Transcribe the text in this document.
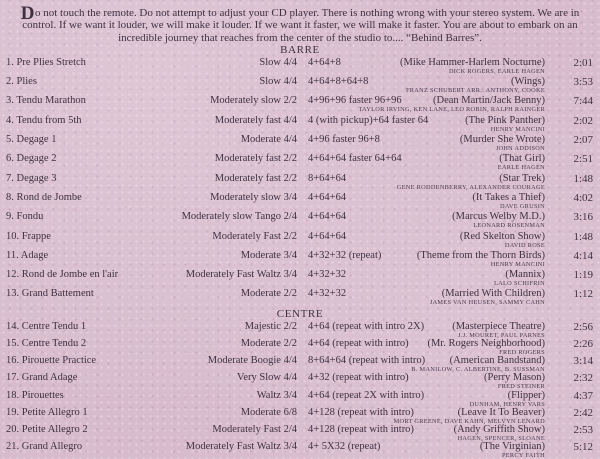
Do not touch the remote. Do not attempt to adjust your CD player. There is nothing wrong with your stereo system. We are in control. If we want it louder, we will make it louder. If we want it faster, we will make it faster. You are about to embark on an incredible journey that reaches from the center of the studio to.... “Behind Barres”.

BARRE
1. Pre Plies Stretch	Slow 4/4 4+64+8	(Mike Hammer-Harlem Nocturne)
DICK ROGERS, EARLE HAGEN
2:01
2. Plies	Slow 4/4 4+64+8+64+8	(Wings)
FRANZ SCHUBERT ARR.: ANTHONY, COOKE
3:53
3. Tendu Marathon	Moderately slow 2/2 4+96+96 faster 96+96	(Dean Martin/Jack Benny)
TAYLOR IRVING, KEN LANE, LEO ROBIN, RALPH RAINGER
7:44
4. Tendu from 5th	Moderately fast 4/4 4 (with pickup)+64 faster 64	(The Pink Panther)
HENRY MANCINI
2:02
5. Degage 1	Moderate 4/4 4+96 faster 96+8	(Murder She Wrote)
JOHN ADDISON
2:07
6. Degage 2	Moderately fast 2/2 4+64+64 faster 64+64	(That Girl)
EARLE HAGEN
2:51
7. Degage 3	Moderately fast 2/2 8+64+64	(Star Trek)
GENE RODDENBERRY, ALEXANDER COURAGE
1:48
8. Rond de Jombe	Moderately slow 3/4 4+64+64	(It Takes a Thief)
DAVE GRUSIN
4:02
9. Fondu	Moderately slow Tango 2/4 4+64+64	(Marcus Welby M.D.)
LEONARD ROSENMAN
3:16
10. Frappe	Moderately Fast 2/2 4+64+64	(Red Skelton Show)
DAVID ROSE
1:48
11. Adage	Moderate 3/4 4+32+32 (repeat)	(Theme from the Thorn Birds)
HENRY MANCINI
4:14
12. Rond de Jombe en l'air	Moderately Fast Waltz 3/4 4+32+32	(Mannix)
LALO SCHIFRIN
1:19
13. Grand Battement	Moderate 2/2 4+32+32	(Married With Children)
JAMES VAN HEUSEN, SAMMY CAHN
1:12
CENTRE
14. Centre Tendu 1	Majestic 2/2 4+64 (repeat with intro 2X)	(Masterpiece Theatre)
J.J. MOURET, PAUL PARNES
2:56
15. Centre Tendu 2	Moderate 2/2 4+64 (repeat with intro) (Mr. Rogers Neighborhood)
FRED ROGERS
2:26
16. Pirouette Practice	Moderate Boogie 4/4 8+64+64 (repeat with intro)	(American Bandstand)
B. MANILOW, C. ALBERTINE, B. SUSSMAN
3:14
17. Grand Adage	Very Slow 4/4 4+32 (repeat with intro)	(Perry Mason)
FRED STEINER
2:32
18. Pirouettes	Waltz 3/4 4+64 (repeat 2X with intro)	(Flipper)
DUNHAM, HENRY VARS
4:37
19. Petite Allegro 1	Moderate 6/8 4+128 (repeat with intro)	(Leave It To Beaver)
MORT GREENE, DAVE KAHN, MELVYN LENARD
2:42
20. Petite Allegro 2	Moderately Fast 2/4 4+128 (repeat with intro)	(Andy Griffith Show)
HAGEN, SPENCER, SLOANE
2:53
21. Grand Allegro	Moderately Fast Waltz 3/4 4+ 5X32 (repeat)	(The Virginian)
PERCY FAITH
5:12
